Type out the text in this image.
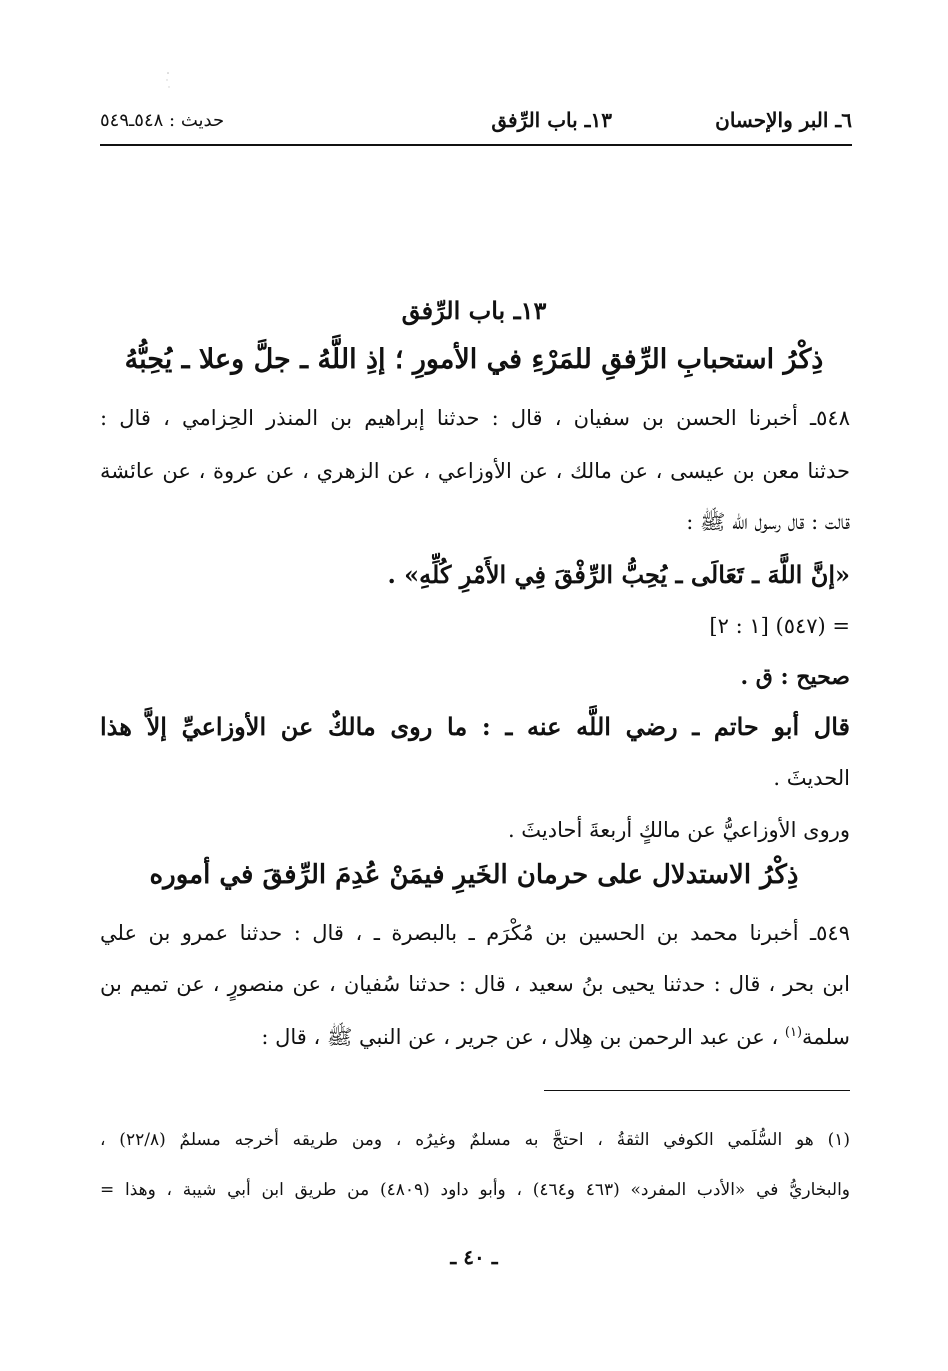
٦ـ البر والإحسان
١٣ـ باب الرِّفق
حديث : ٥٤٨ـ٥٤٩
١٣ـ باب الرِّفق
ذِكْرُ استحبابِ الرِّفقِ للمَرْءِ في الأمورِ ؛ إذِ اللَّهُ ـ جلَّ وعلا ـ يُحِبُّهُ
٥٤٨ـ أخبرنا الحسن بن سفيان ، قال : حدثنا إبراهيم بن المنذر الحِزامي ، قال :
حدثنا معن بن عيسى ، عن مالك ، عن الأوزاعي ، عن الزهري ، عن عروة ، عن عائشة
قالت : قال رسول الله ﷺ :
«إنَّ اللَّهَ ـ تَعَالَى ـ يُحِبُّ الرِّفْقَ فِي الأَمْرِ كُلِّهِ» .
= (٥٤٧) [١ : ٢]
صحيح : ق .
قال أبو حاتم ـ رضي اللَّه عنه ـ : ما روى مالكٌ عن الأوزاعيِّ إلاَّ هذا
الحديثَ .
وروى الأوزاعيُّ عن مالكٍ أربعةَ أحاديثَ .
ذِكْرُ الاستدلال على حرمان الخَيرِ فيمَنْ عُدِمَ الرِّفقَ في أموره
٥٤٩ـ أخبرنا محمد بن الحسين بن مُكْرَم ـ بالبصرة ـ ، قال : حدثنا عمرو بن علي
ابن بحر ، قال : حدثنا يحيى بنُ سعيد ، قال : حدثنا سُفيان ، عن منصورٍ ، عن تميم بن
سلمة$^{(١)}$ ، عن عبد الرحمن بن هِلال ، عن جرير ، عن النبي ﷺ ، قال :
(١) هو السُّلَمي الكوفي الثقةُ ، احتجَّ به مسلمٌ وغيرُه ، ومن طريقه أخرجه مسلمٌ (٢٢/٨) ،
والبخاريُّ في «الأدب المفرد» (٤٦٣ و٤٦٤) ، وأبو داود (٤٨٠٩) من طريق ابن أبي شيبة ، وهذا =
ـ ٤٠ ـ
